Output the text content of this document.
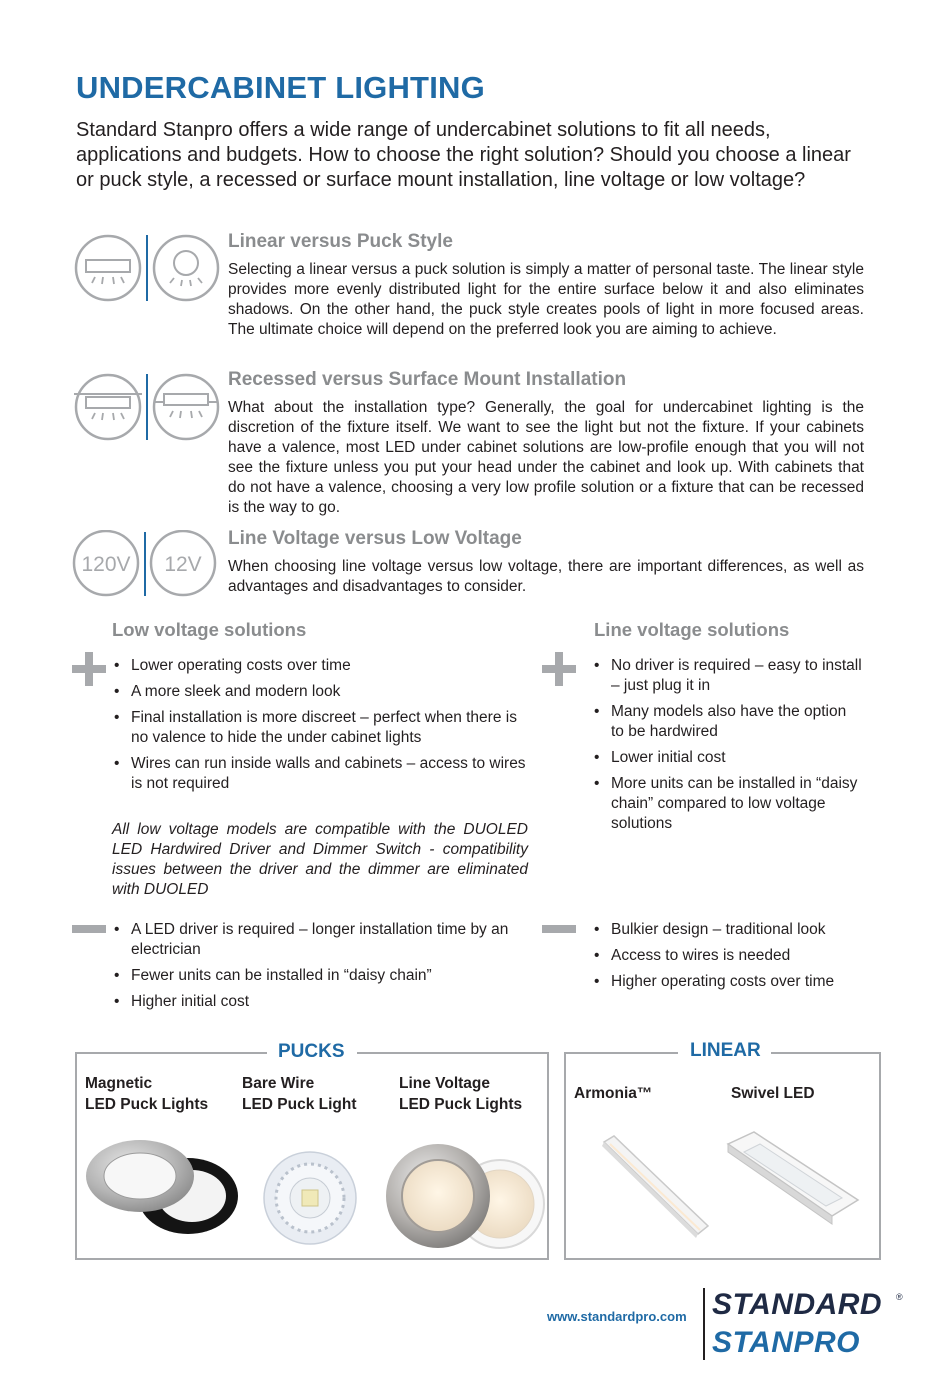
UNDERCABINET LIGHTING

Standard Stanpro offers a wide range of undercabinet solutions to fit all needs, applications and budgets. How to choose the right solution? Should you choose a linear or puck style, a recessed or surface mount installation, line voltage or low voltage?

Linear versus Puck Style

Selecting a linear versus a puck solution is simply a matter of personal taste. The linear style provides more evenly distributed light for the entire surface below it and also eliminates shadows. On the other hand, the puck style creates pools of light in more focused areas. The ultimate choice will depend on the preferred look you are aiming to achieve.

Recessed versus Surface Mount Installation

What about the installation type? Generally, the goal for undercabinet lighting is the discretion of the fixture itself. We want to see the light but not the fixture. If your cabinets have a valence, most LED under cabinet solutions are low-profile enough that you will not see the fixture unless you put your head under the cabinet and look up. With cabinets that do not have a valence, choosing a very low profile solution or a fixture that can be recessed is the way to go.

120V 12V
Line Voltage versus Low Voltage

When choosing line voltage versus low voltage, there are important differences, as well as advantages and disadvantages to consider.

Low voltage solutions
• Lower operating costs over time
• A more sleek and modern look
• Final installation is more discreet – perfect when there is no valence to hide the under cabinet lights
• Wires can run inside walls and cabinets – access to wires is not required

All low voltage models are compatible with the DUOLED LED Hardwired Driver and Dimmer Switch - compatibility issues between the driver and the dimmer are eliminated with DUOLED

• A LED driver is required – longer installation time by an electrician
• Fewer units can be installed in “daisy chain”
• Higher initial cost
Line voltage solutions
• No driver is required – easy to install – just plug it in
• Many models also have the option to be hardwired
• Lower initial cost
• More units can be installed in “daisy chain” compared to low voltage solutions
• Bulkier design – traditional look
• Access to wires is needed
• Higher operating costs over time
PUCKS
Magnetic
LED Puck Lights
Bare Wire
LED Puck Light
Line Voltage
LED Puck Lights
LINEAR
Armonia™	Swivel LED
www.standardpro.com STANDARD ®
STANPRO
